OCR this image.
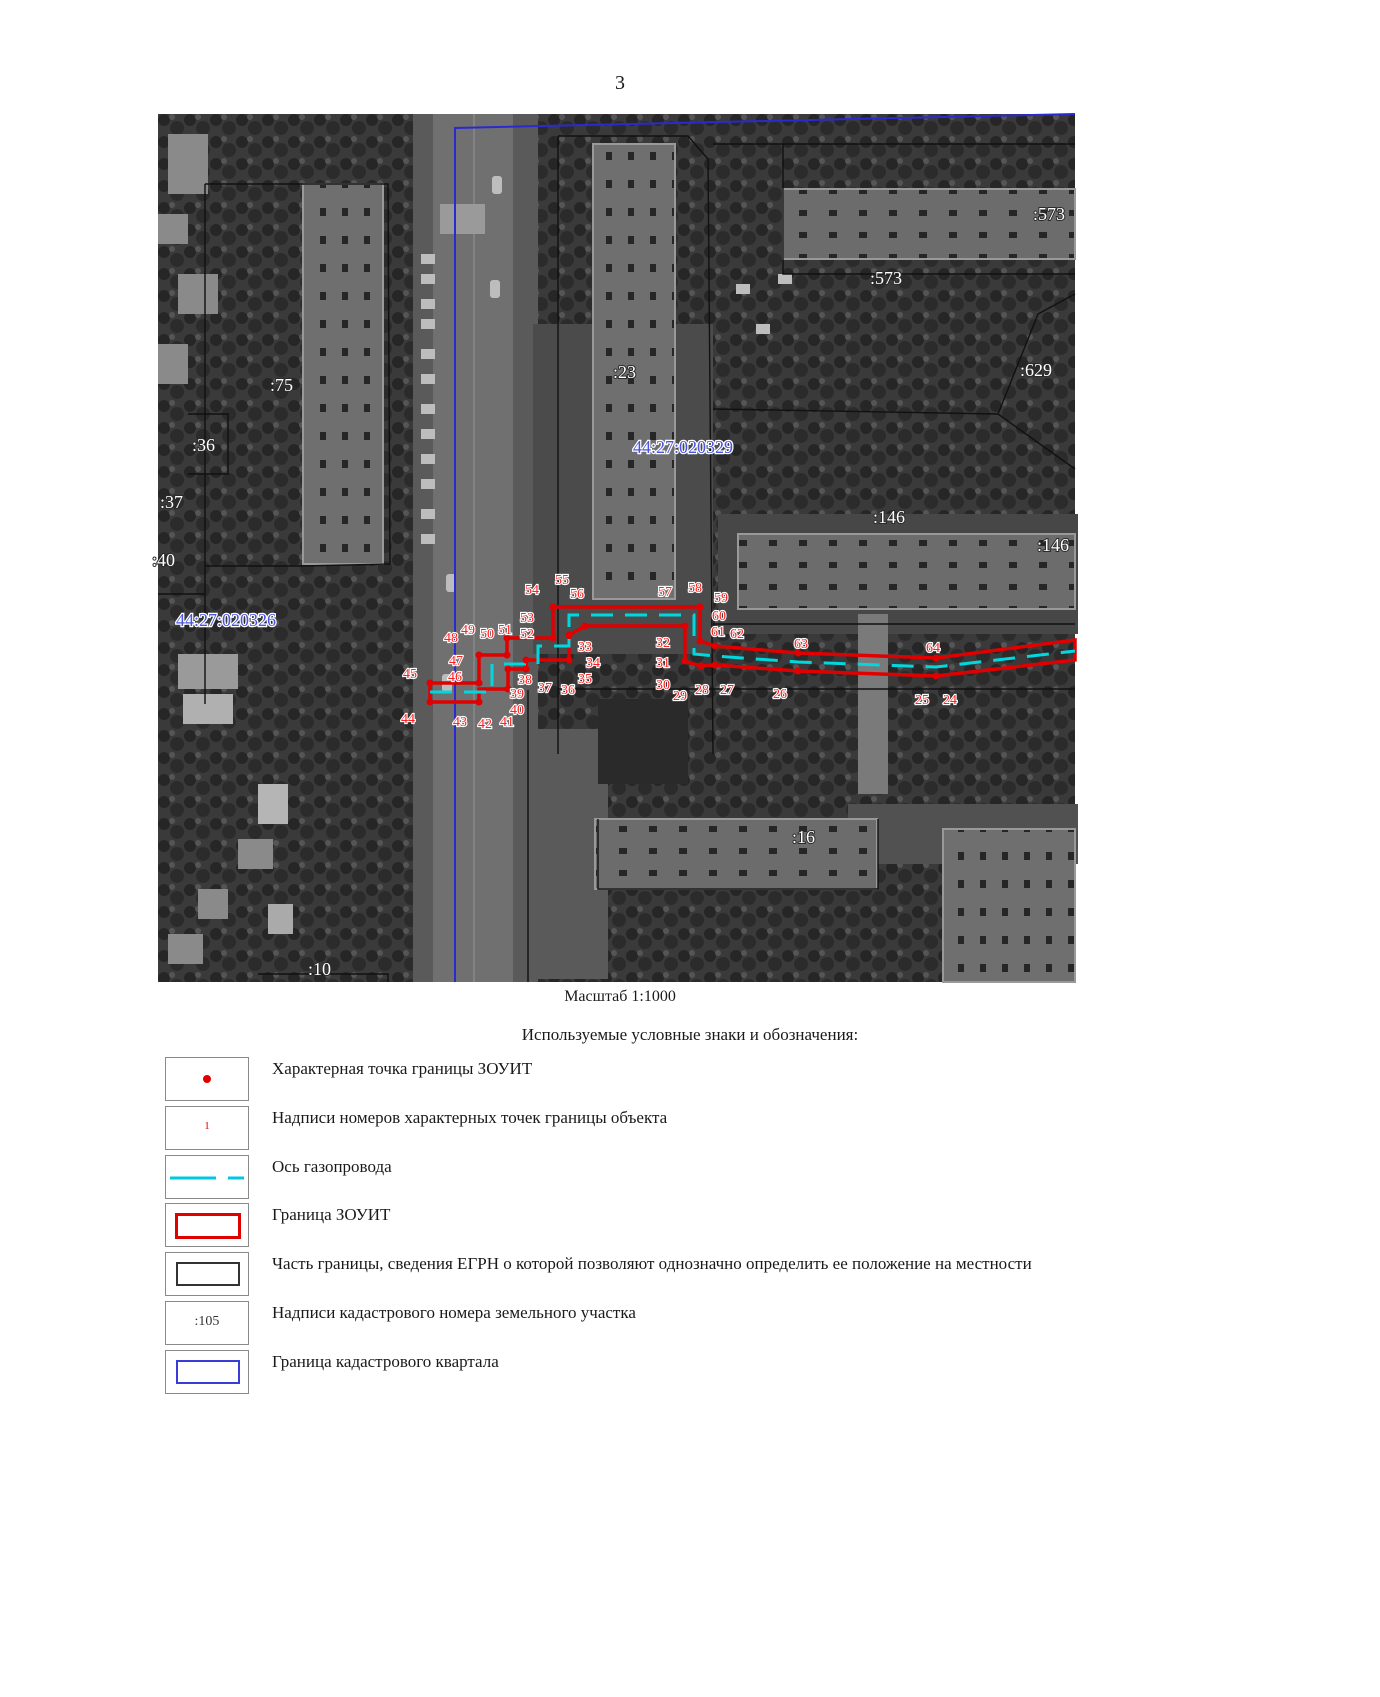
3
:573
:573
:629
:23
:75
:36
:37
:40
:146
:146
:16
:10
44:27:020329
44:27:020326
24
25
26
27
28
29
30
31
32
33
34
35
36
37
38
39
40
41
42
43
44
45 46
47
48
49 50 51 52
53
54
55
56	57 58
59
60
61 62
63	64
Масштаб 1:1000
Используемые условные знаки и обозначения:
Характерная точка границы ЗОУИТ
1	Надписи номеров характерных точек границы объекта
Ось газопровода
Граница ЗОУИТ
Часть границы, сведения ЕГРН о которой позволяют однозначно определить ее положение на местности
:105	Надписи кадастрового номера земельного участка
Граница кадастрового квартала
